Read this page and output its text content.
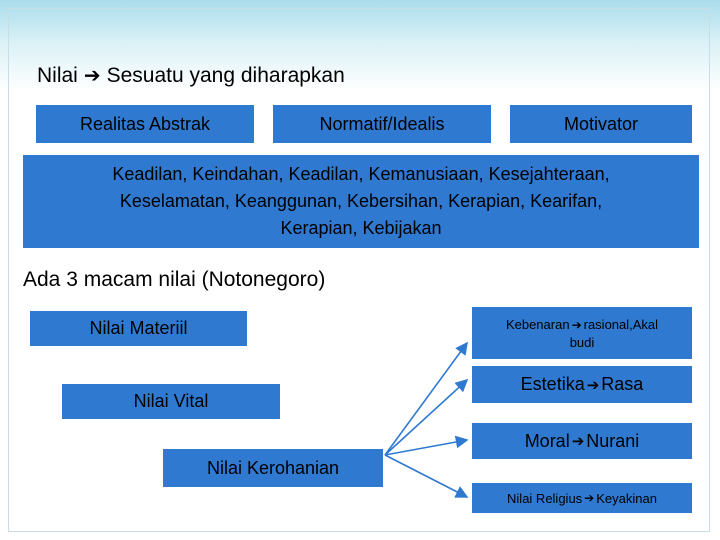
Nilai ➔ Sesuatu yang diharapkan
Realitas Abstrak	Normatif/Idealis	Motivator
Keadilan, Keindahan, Keadilan, Kemanusiaan, Kesejahteraan,
Keselamatan, Keanggunan, Kebersihan, Kerapian, Kearifan,
Kerapian, Kebijakan
Ada 3 macam nilai (Notonegoro)
Nilai Materiil
Nilai Vital
Nilai Kerohanian
Kebenaran ➔ rasional,Akal
budi
Estetika ➔ Rasa
Moral ➔ Nurani
Nilai Religius ➔ Keyakinan
